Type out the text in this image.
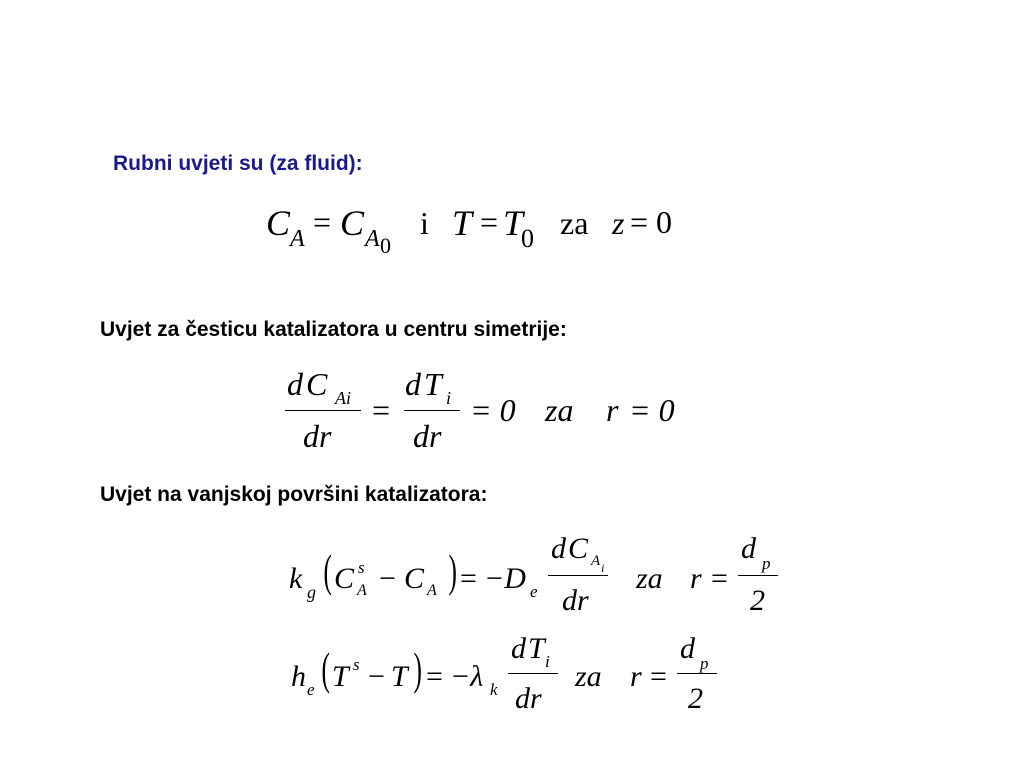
Rubni uvjeti su (za fluid):
Uvjet za česticu katalizatora u centru simetrije:
Uvjet na vanjskoj površini katalizatora:
C A = C A 0
i T = T
0 za z = 0
d C Ai
dr
=
d T i
dr
= 0 za r = 0
k g ( C s
A − C A ) = −D e
d C A i
dr
za r =
d p
2
h e ( T s − T ) = −λ k
d T i
dr
za r =
d p
2
